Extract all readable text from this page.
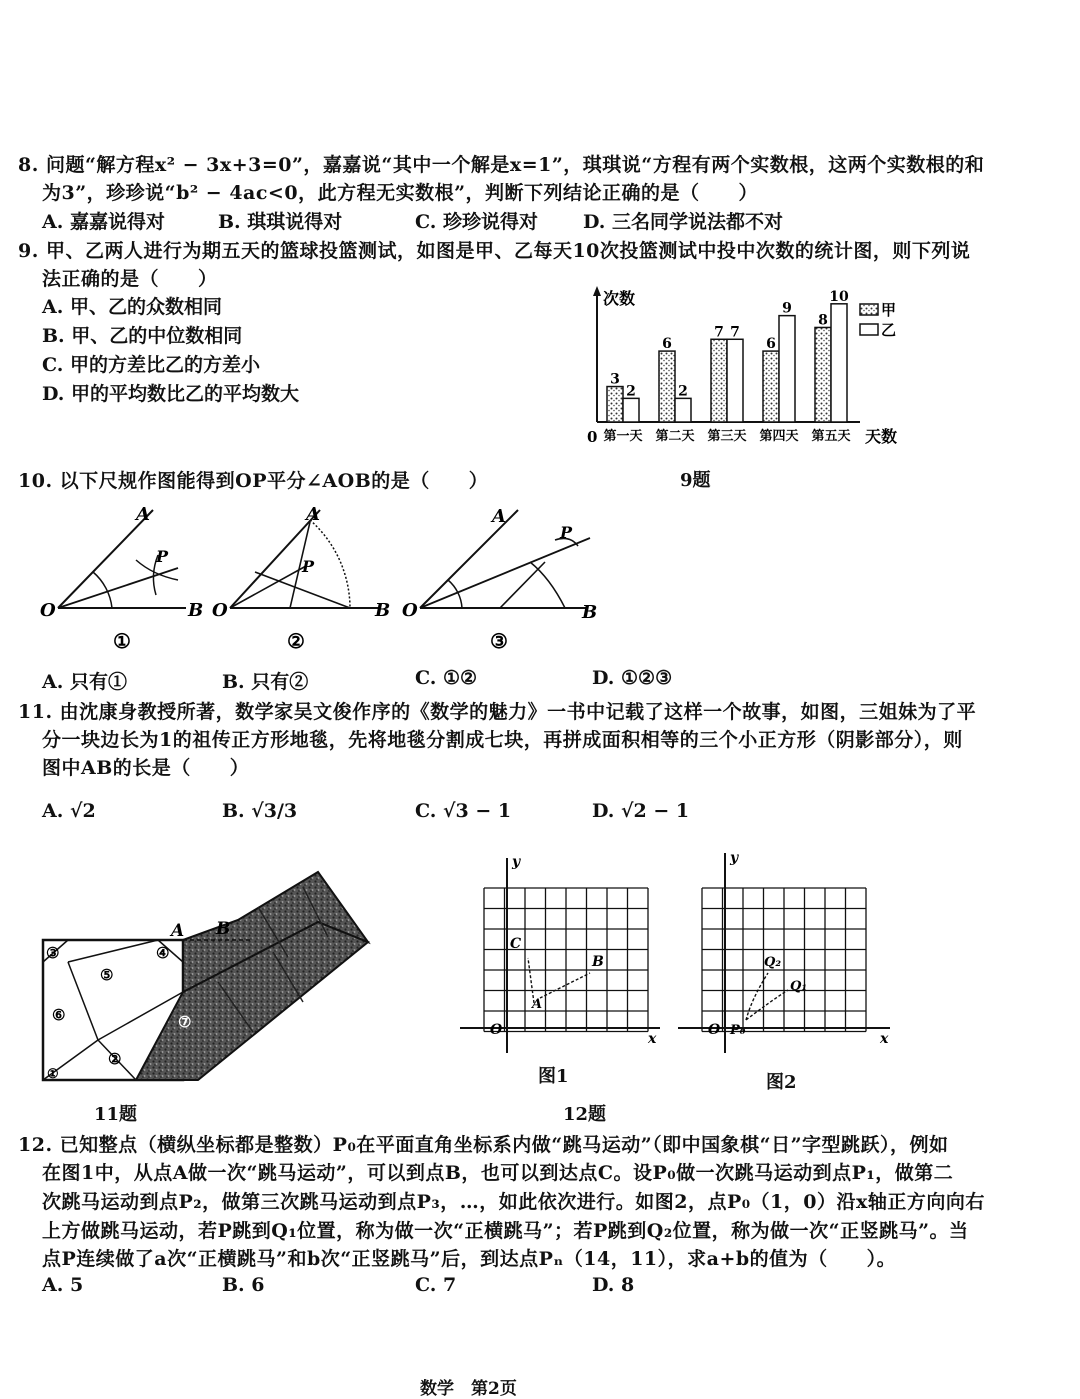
8. 问题“解方程x² − 3x+3=0”，嘉嘉说“其中一个解是x=1”，琪琪说“方程有两个实数根，这两个实数根的和
为3”，珍珍说“b² − 4ac<0，此方程无实数根”，判断下列结论正确的是（　　）
A. 嘉嘉说得对	B. 琪琪说得对	C. 珍珍说得对 D. 三名同学说法都不对
9. 甲、乙两人进行为期五天的篮球投篮测试，如图是甲、乙每天10次投篮测试中投中次数的统计图，则下列说
法正确的是（　　）
A. 甲、乙的众数相同
B. 甲、乙的中位数相同
C. 甲的方差比乙的方差小
D. 甲的平均数比乙的平均数大
次数
天数
0
3
2
第一天
6
2
第二天
7 7
第三天
6
9
第四天
8
10
第五天
甲
乙
9题
10. 以下尺规作图能得到OP平分∠AOB的是（　　）
O
A
B
P
①
O
A
B
P
②
O
A
B
P
③
A. 只有①	B. 只有②	C. ①②	D. ①②③
11. 由沈康身教授所著，数学家吴文俊作序的《数学的魅力》一书中记载了这样一个故事，如图，三姐妹为了平
分一块边长为1的祖传正方形地毯，先将地毯分割成七块，再拼成面积相等的三个小正方形（阴影部分），则
图中AB的长是（　　）
A. √2	B. √3/3	C. √3 − 1	D. √2 − 1
A B
③
⑤
⑥
②
①
④
⑦
11题
y
x
O
C
B
A
图1
y
x
O P₀
Q₁
Q₂
图2
12题
12. 已知整点（横纵坐标都是整数）P₀在平面直角坐标系内做“跳马运动”（即中国象棋“日”字型跳跃），例如
在图1中，从点A做一次“跳马运动”，可以到点B，也可以到达点C。设P₀做一次跳马运动到点P₁，做第二
次跳马运动到点P₂，做第三次跳马运动到点P₃，…，如此依次进行。如图2，点P₀（1，0）沿x轴正方向向右
上方做跳马运动，若P跳到Q₁位置，称为做一次“正横跳马”；若P跳到Q₂位置，称为做一次“正竖跳马”。当
点P连续做了a次“正横跳马”和b次“正竖跳马”后，到达点Pₙ（14，11），求a+b的值为（　　）。
A. 5	B. 6	C. 7	D. 8
数学　第2页
